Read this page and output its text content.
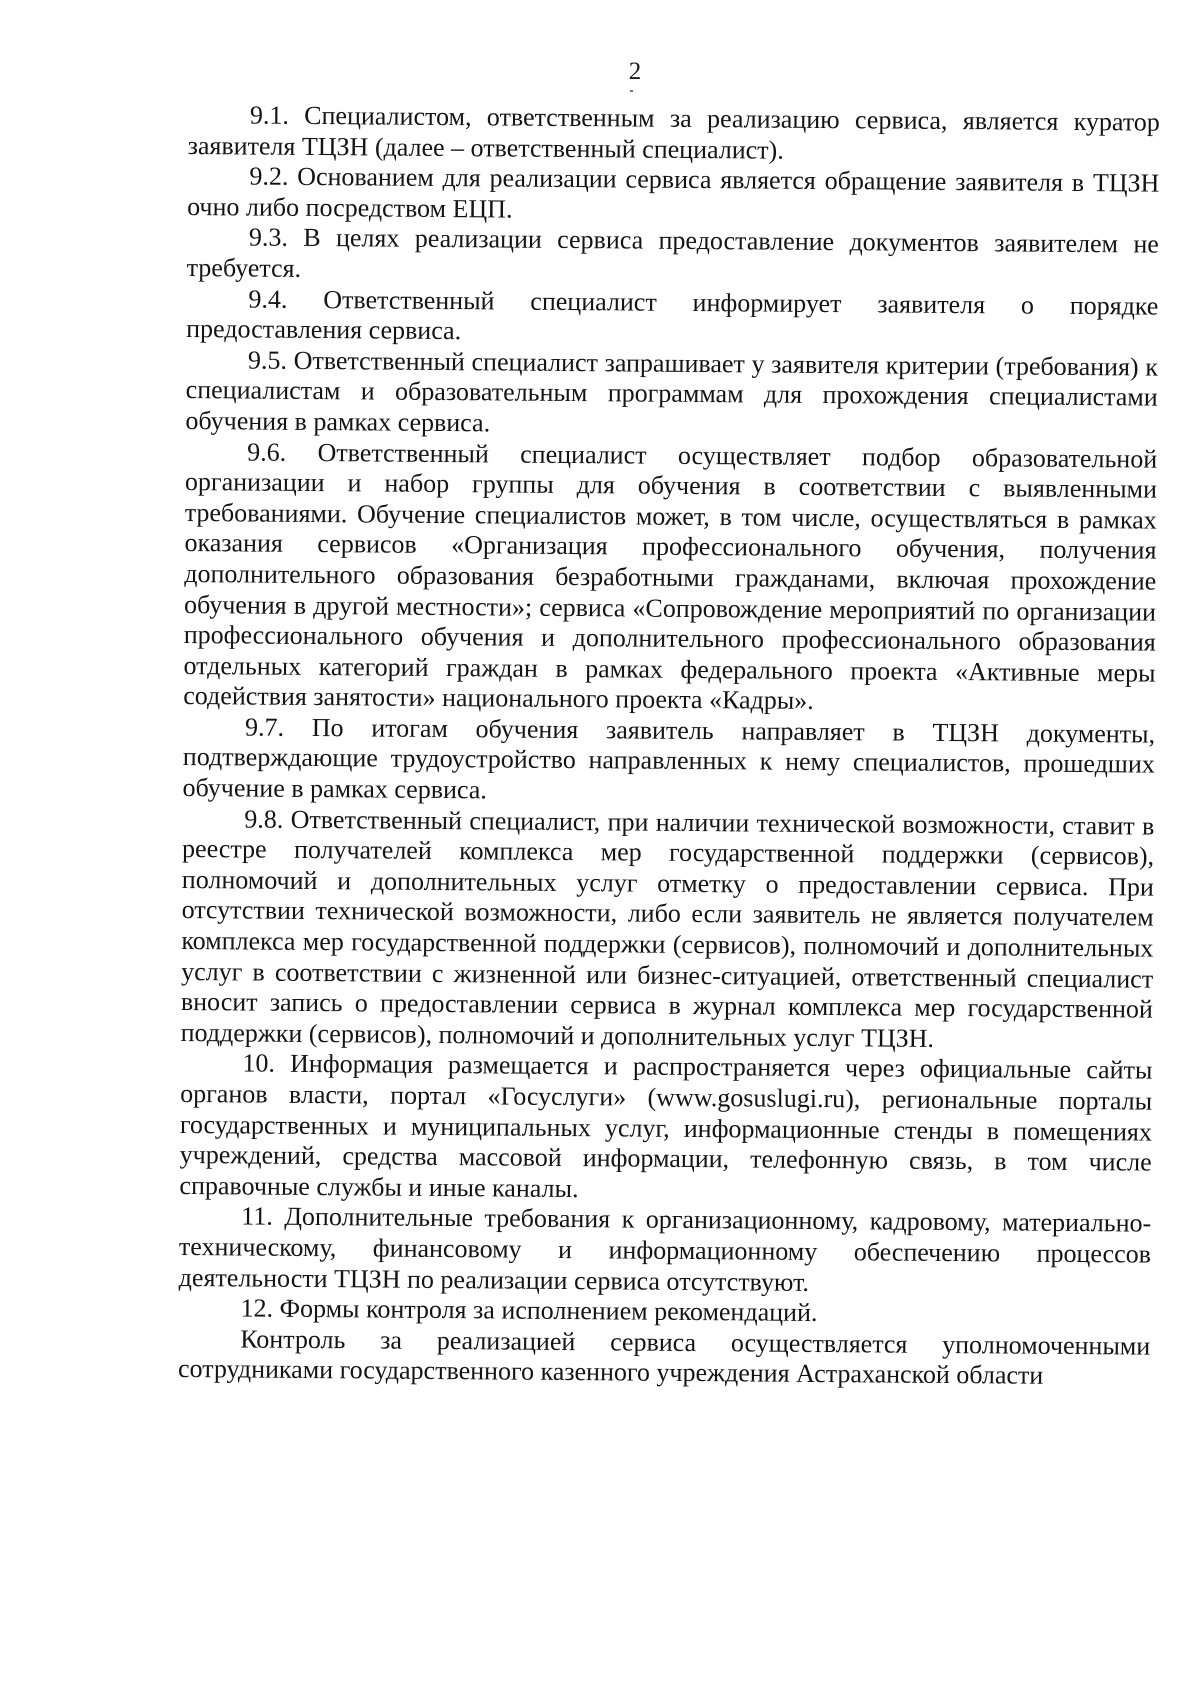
2

9.1. Специалистом, ответственным за реализацию сервиса, является куратор заявителя ТЦЗН (далее – ответственный специалист).

9.2. Основанием для реализации сервиса является обращение заявителя в ТЦЗН очно либо посредством ЕЦП.

9.3. В целях реализации сервиса предоставление документов заявителем не требуется.

9.4. Ответственный специалист информирует заявителя о порядке предоставления сервиса.

9.5. Ответственный специалист запрашивает у заявителя критерии (требования) к специалистам и образовательным программам для прохождения специалистами обучения в рамках сервиса.

9.6. Ответственный специалист осуществляет подбор образовательной организации и набор группы для обучения в соответствии с выявленными требованиями. Обучение специалистов может, в том числе, осуществляться в рамках оказания сервисов «Организация профессионального обучения, получения дополнительного образования безработными гражданами, включая прохождение обучения в другой местности»; сервиса «Сопровождение мероприятий по организации профессионального обучения и дополнительного профессионального образования отдельных категорий граждан в рамках федерального проекта «Активные меры содействия занятости» национального проекта «Кадры».

9.7. По итогам обучения заявитель направляет в ТЦЗН документы, подтверждающие трудоустройство направленных к нему специалистов, прошедших обучение в рамках сервиса.

9.8. Ответственный специалист, при наличии технической возможности, ставит в реестре получателей комплекса мер государственной поддержки (сервисов), полномочий и дополнительных услуг отметку о предоставлении сервиса. При отсутствии технической возможности, либо если заявитель не является получателем комплекса мер государственной поддержки (сервисов), полномочий и дополнительных услуг в соответствии с жизненной или бизнес-ситуацией, ответственный специалист вносит запись о предоставлении сервиса в журнал комплекса мер государственной поддержки (сервисов), полномочий и дополнительных услуг ТЦЗН.

10. Информация размещается и распространяется через официальные сайты органов власти, портал «Госуслуги» (www.gosuslugi.ru), региональные порталы государственных и муниципальных услуг, информационные стенды в помещениях учреждений, средства массовой информации, телефонную связь, в том числе справочные службы и иные каналы.

11. Дополнительные требования к организационному, кадровому, материально-техническому, финансовому и информационному обеспечению процессов деятельности ТЦЗН по реализации сервиса отсутствуют.

12. Формы контроля за исполнением рекомендаций.

Контроль за реализацией сервиса осуществляется уполномоченными сотрудниками государственного казенного учреждения Астраханской области
